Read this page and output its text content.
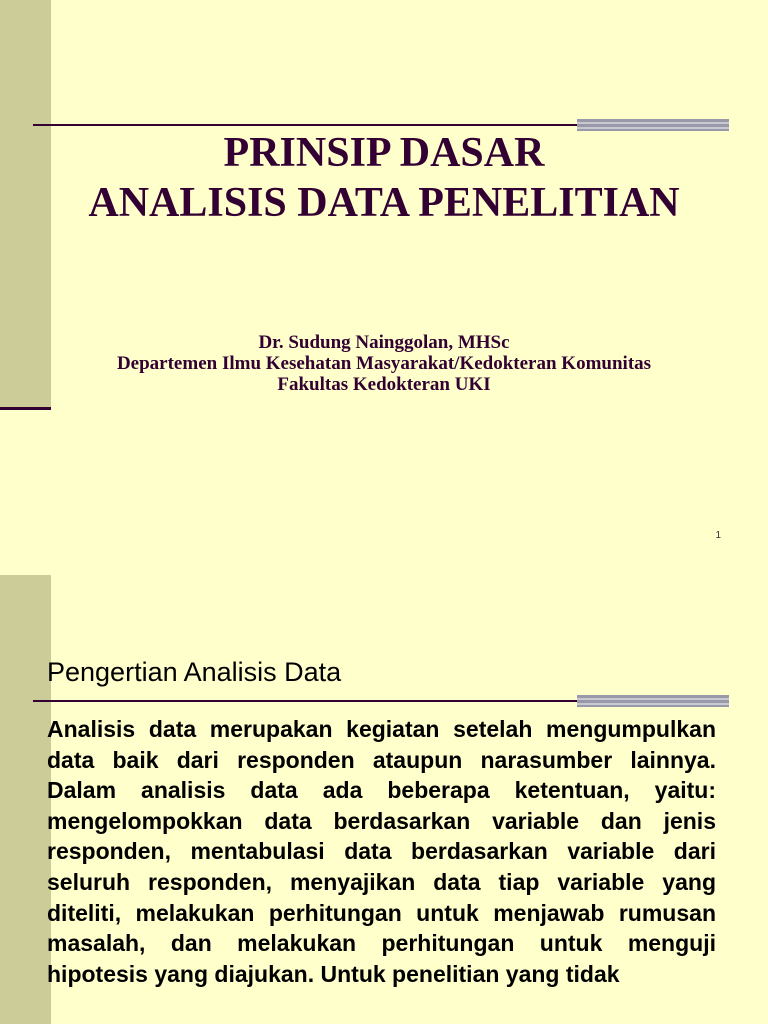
PRINSIP DASAR
ANALISIS DATA PENELITIAN
Dr. Sudung Nainggolan, MHSc
Departemen Ilmu Kesehatan Masyarakat/Kedokteran Komunitas
Fakultas Kedokteran UKI
1
Pengertian Analisis Data

Analisis data merupakan kegiatan setelah mengumpulkan data baik dari responden ataupun narasumber lainnya. Dalam analisis data ada beberapa ketentuan, yaitu: mengelompokkan data berdasarkan variable dan jenis responden, mentabulasi data berdasarkan variable dari seluruh responden, menyajikan data tiap variable yang diteliti, melakukan perhitungan untuk menjawab rumusan masalah, dan melakukan perhitungan untuk menguji hipotesis yang diajukan. Untuk penelitian yang tidak
